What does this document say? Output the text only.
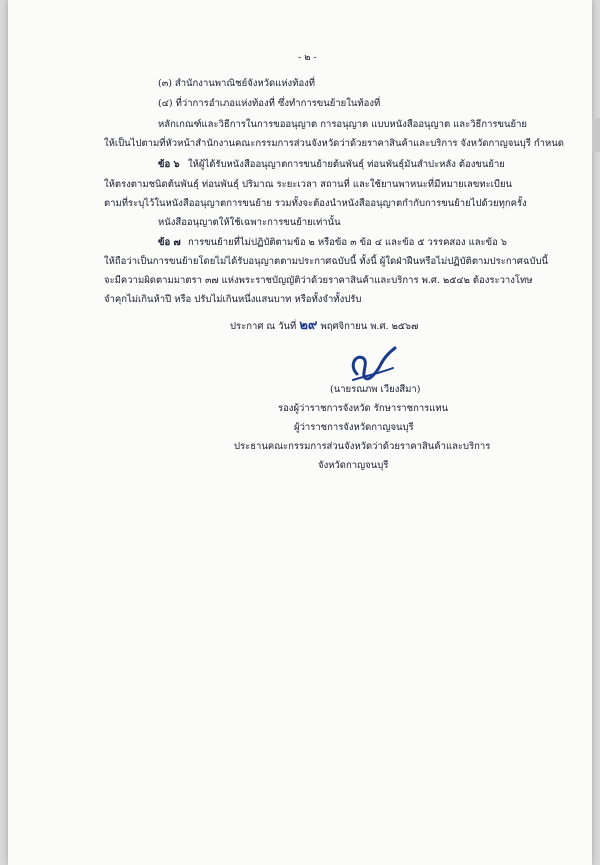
- ๒ -
(๓) สำนักงานพาณิชย์จังหวัดแห่งท้องที่
(๔) ที่ว่าการอำเภอแห่งท้องที่ ซึ่งทำการขนย้ายในท้องที่
หลักเกณฑ์และวิธีการในการขออนุญาต การอนุญาต แบบหนังสืออนุญาต และวิธีการขนย้าย
ให้เป็นไปตามที่หัวหน้าสำนักงานคณะกรรมการส่วนจังหวัดว่าด้วยราคาสินค้าและบริการ จังหวัดกาญจนบุรี กำหนด
ข้อ ๖ ให้ผู้ได้รับหนังสืออนุญาตการขนย้ายต้นพันธุ์ ท่อนพันธุ์มันสำปะหลัง ต้องขนย้าย
ให้ตรงตามชนิดต้นพันธุ์ ท่อนพันธุ์ ปริมาณ ระยะเวลา สถานที่ และใช้ยานพาหนะที่มีหมายเลขทะเบียน
ตามที่ระบุไว้ในหนังสืออนุญาตการขนย้าย รวมทั้งจะต้องนำหนังสืออนุญาตกำกับการขนย้ายไปด้วยทุกครั้ง
หนังสืออนุญาตให้ใช้เฉพาะการขนย้ายเท่านั้น
ข้อ ๗ การขนย้ายที่ไม่ปฏิบัติตามข้อ ๒ หรือข้อ ๓ ข้อ ๔ และข้อ ๕ วรรคสอง และข้อ ๖
ให้ถือว่าเป็นการขนย้ายโดยไม่ได้รับอนุญาตตามประกาศฉบับนี้ ทั้งนี้ ผู้ใดฝ่าฝืนหรือไม่ปฏิบัติตามประกาศฉบับนี้
จะมีความผิดตามมาตรา ๓๗ แห่งพระราชบัญญัติว่าด้วยราคาสินค้าและบริการ พ.ศ. ๒๕๔๒ ต้องระวางโทษ
จำคุกไม่เกินห้าปี หรือ ปรับไม่เกินหนึ่งแสนบาท หรือทั้งจำทั้งปรับ
ประกาศ ณ วันที่ ๒๙ พฤศจิกายน พ.ศ. ๒๕๖๗
(นายรณภพ เวียงสีมา)
รองผู้ว่าราชการจังหวัด รักษาราชการแทน
ผู้ว่าราชการจังหวัดกาญจนบุรี
ประธานคณะกรรมการส่วนจังหวัดว่าด้วยราคาสินค้าและบริการ
จังหวัดกาญจนบุรี
